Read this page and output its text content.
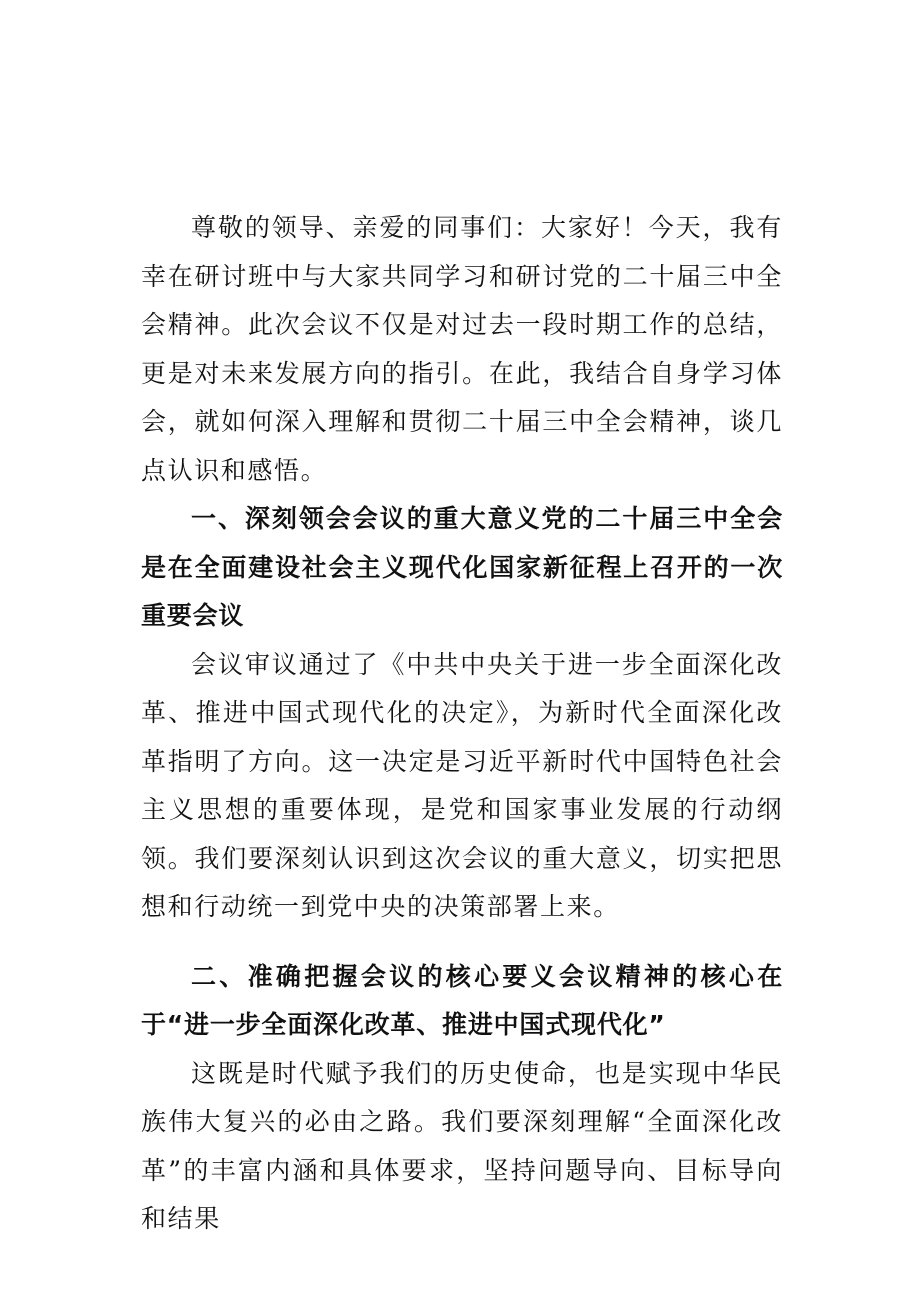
尊敬的领导、亲爱的同事们：大家好！今天，我有幸在研讨班中与大家共同学习和研讨党的二十届三中全会精神。此次会议不仅是对过去一段时期工作的总结，更是对未来发展方向的指引。在此，我结合自身学习体会，就如何深入理解和贯彻二十届三中全会精神，谈几点认识和感悟。

一、深刻领会会议的重大意义党的二十届三中全会是在全面建设社会主义现代化国家新征程上召开的一次重要会议

会议审议通过了《中共中央关于进一步全面深化改革、推进中国式现代化的决定》，为新时代全面深化改革指明了方向。这一决定是习近平新时代中国特色社会主义思想的重要体现，是党和国家事业发展的行动纲领。我们要深刻认识到这次会议的重大意义，切实把思想和行动统一到党中央的决策部署上来。

二、准确把握会议的核心要义会议精神的核心在于“进一步全面深化改革、推进中国式现代化”

这既是时代赋予我们的历史使命，也是实现中华民族伟大复兴的必由之路。我们要深刻理解“全面深化改革”的丰富内涵和具体要求，坚持问题导向、目标导向和结果
